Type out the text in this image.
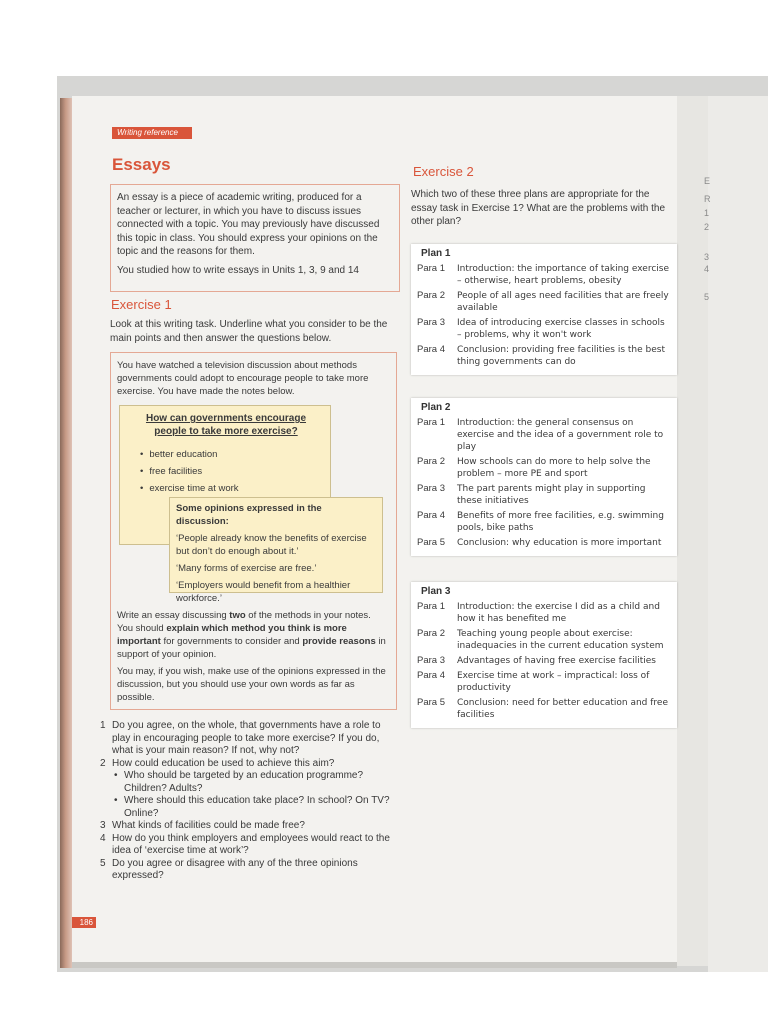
E
R
1
2
3
4
5
Writing reference
Essays

An essay is a piece of academic writing, produced for a teacher or lecturer, in which you have to discuss issues connected with a topic. You may previously have discussed this topic in class. You should express your opinions on the topic and the reasons for them.

You studied how to write essays in Units 1, 3, 9 and 14

Exercise 1

Look at this writing task. Underline what you consider to be the main points and then answer the questions below.

You have watched a television discussion about methods governments could adopt to encourage people to take more exercise. You have made the notes below.

How can governments encourage people to take more exercise?

• better education
• free facilities
• exercise time at work

Some opinions expressed in the discussion:

‘People already know the benefits of exercise but don’t do enough about it.’

‘Many forms of exercise are free.’

‘Employers would benefit from a healthier workforce.’

Write an essay discussing two of the methods in your notes. You should explain which method you think is more important for governments to consider and provide reasons in support of your opinion.

You may, if you wish, make use of the opinions expressed in the discussion, but you should use your own words as far as possible.

1 Do you agree, on the whole, that governments have a role to play in encouraging people to take more exercise? If you do, what is your main reason? If not, why not?

2 How could education be used to achieve this aim?

• Who should be targeted by an education programme? Children? Adults?

• Where should this education take place? In school? On TV? Online?

3 What kinds of facilities could be made free?

4 How do you think employers and employees would react to the idea of ‘exercise time at work’?

5 Do you agree or disagree with any of the three opinions expressed?

186
Exercise 2

Which two of these three plans are appropriate for the essay task in Exercise 1? What are the problems with the other plan?

Plan 1

Para 1	Introduction: the importance of taking exercise – otherwise, heart problems, obesity
Para 2	People of all ages need facilities that are freely available
Para 3	Idea of introducing exercise classes in schools – problems, why it won't work
Para 4	Conclusion: providing free facilities is the best thing governments can do

Plan 2

Para 1	Introduction: the general consensus on exercise and the idea of a government role to play
Para 2	How schools can do more to help solve the problem – more PE and sport
Para 3	The part parents might play in supporting these initiatives
Para 4	Benefits of more free facilities, e.g. swimming pools, bike paths
Para 5	Conclusion: why education is more important

Plan 3

Para 1	Introduction: the exercise I did as a child and how it has benefited me
Para 2	Teaching young people about exercise: inadequacies in the current education system
Para 3	Advantages of having free exercise facilities
Para 4	Exercise time at work – impractical: loss of productivity
Para 5	Conclusion: need for better education and free facilities
